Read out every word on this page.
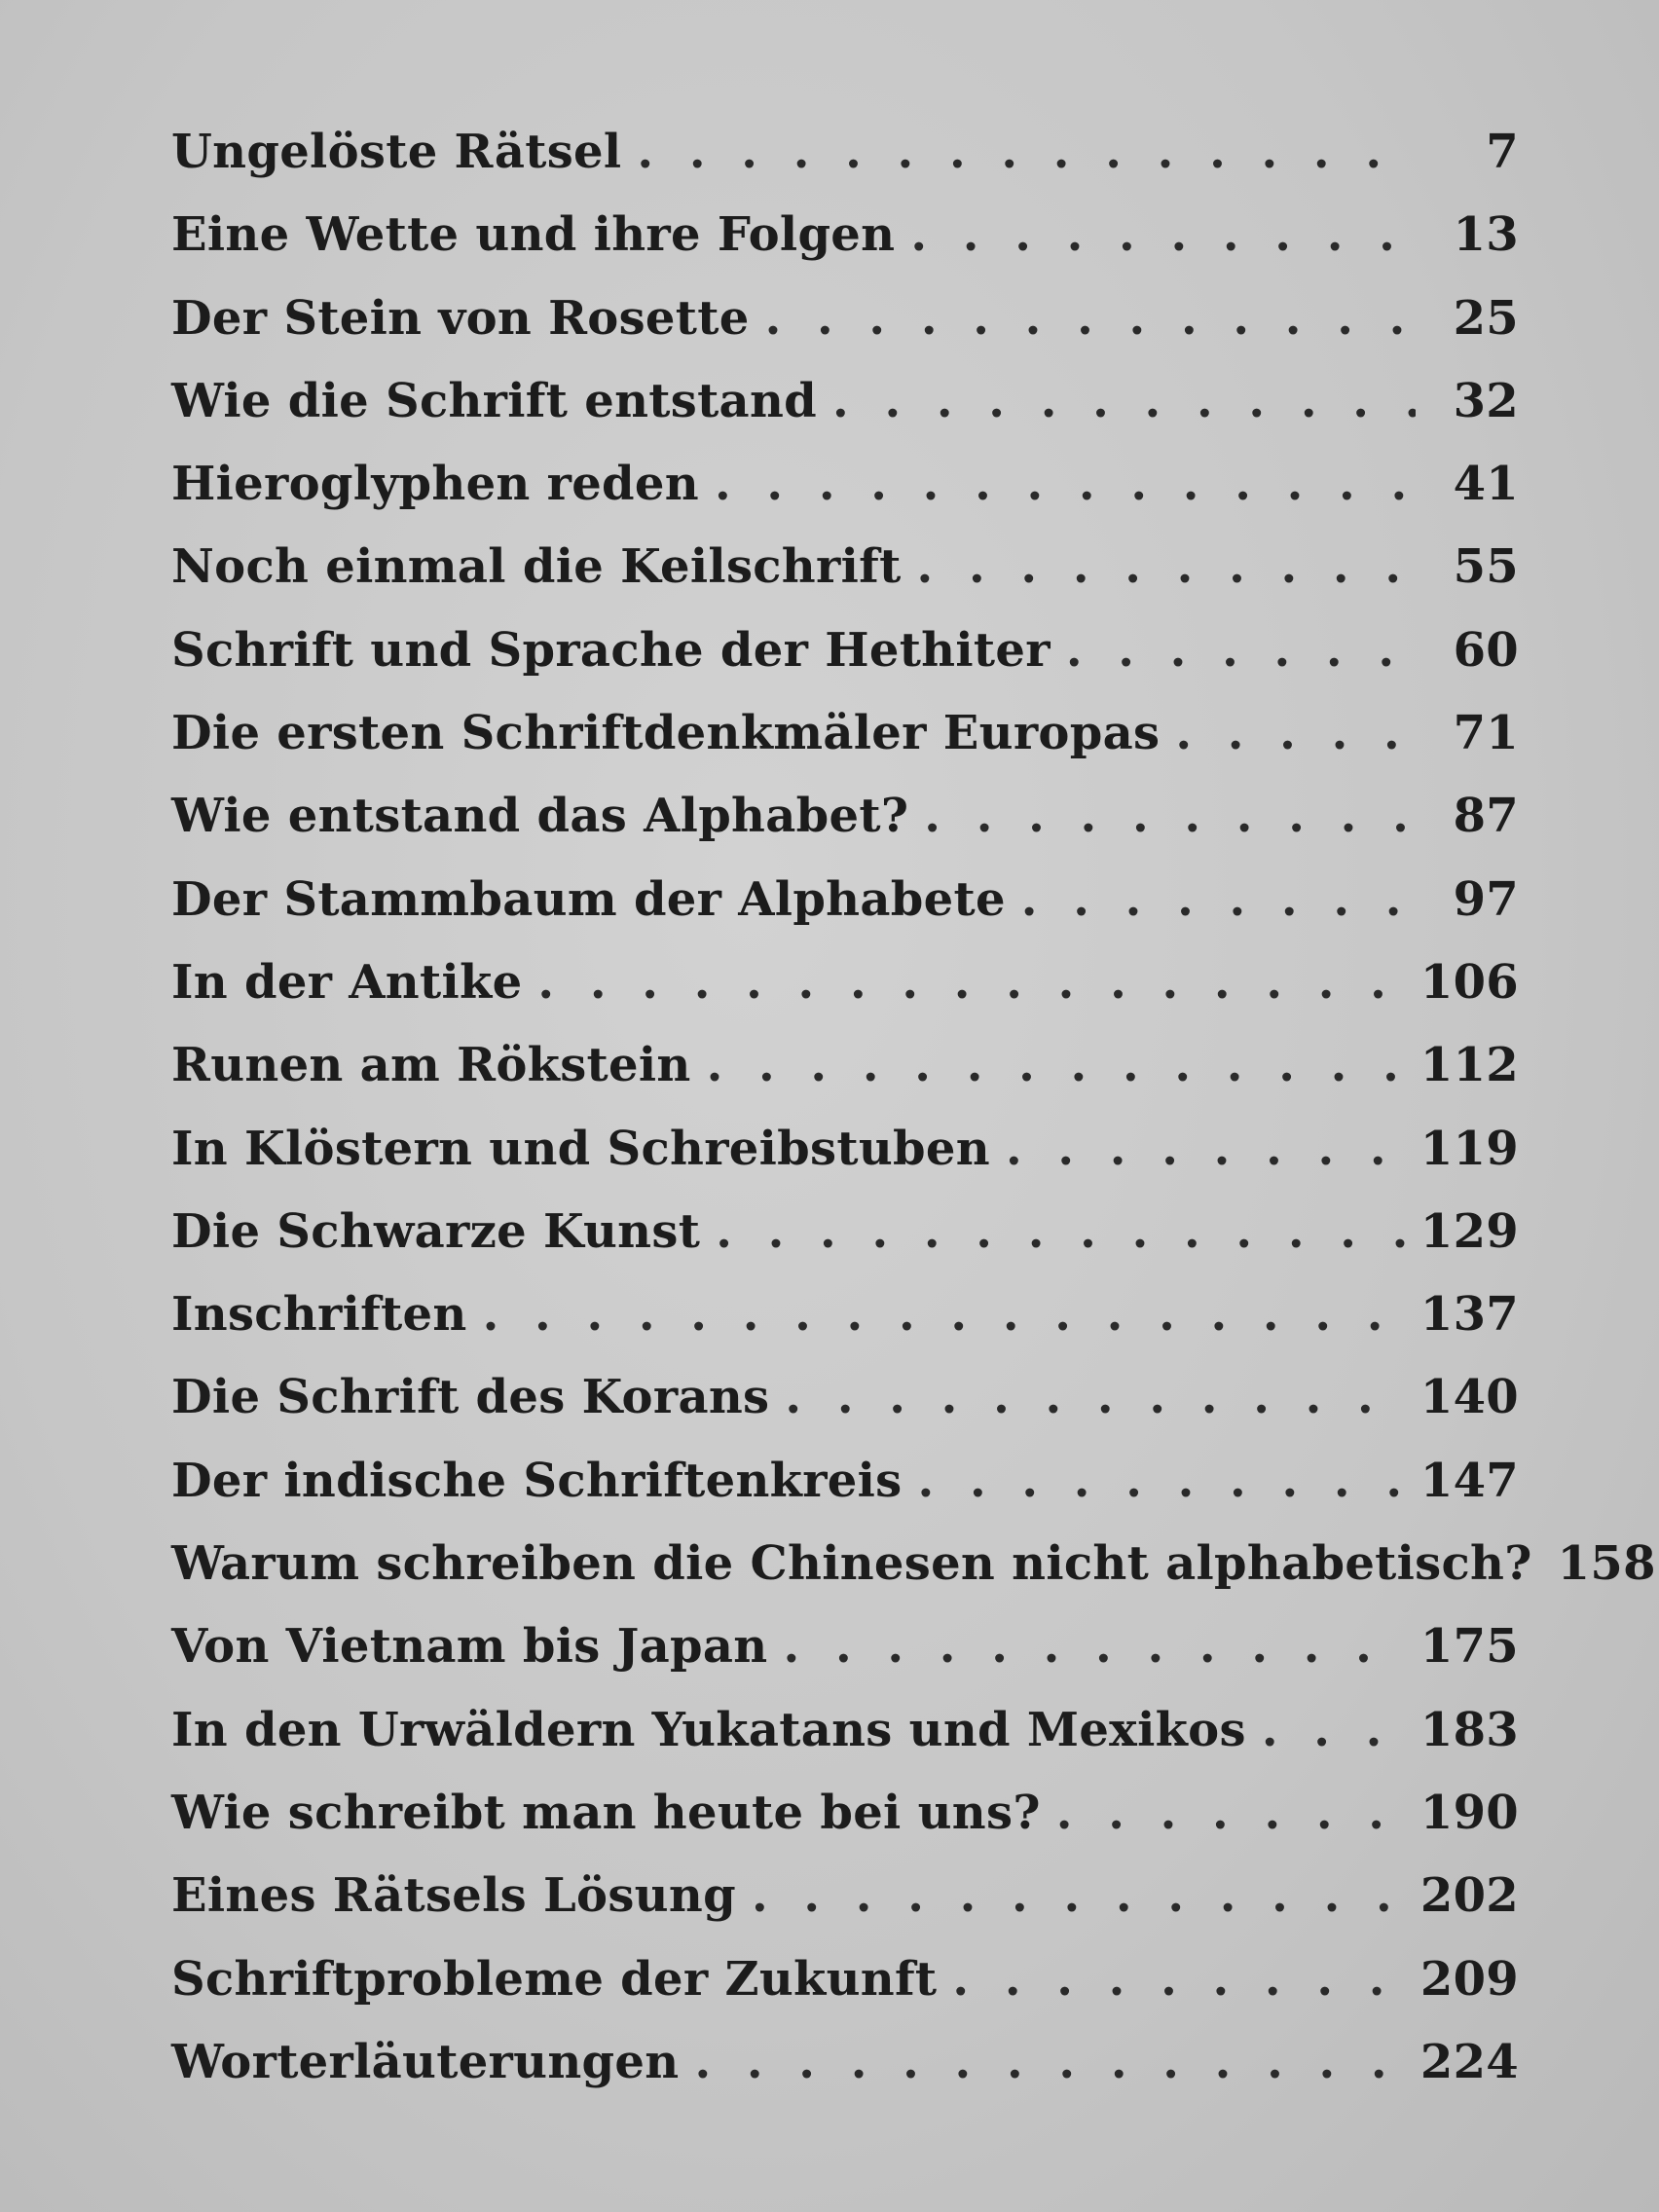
Ungelöste Rätsel . . .	7
Eine Wette und ihre Folgen . . .	13
Der Stein von Rosette . . .	25
Wie die Schrift entstand . . .	32
Hieroglyphen reden . . .	41
Noch einmal die Keilschrift . . .	55
Schrift und Sprache der Hethiter . . .	60
Die ersten Schriftdenkmäler Europas . . .	71
Wie entstand das Alphabet? . . .	87
Der Stammbaum der Alphabete . . .	97
In der Antike . . .	106
Runen am Rökstein . . .	112
In Klöstern und Schreibstuben . . .	119
Die Schwarze Kunst . . .	129
Inschriften . . .	137
Die Schrift des Korans . . .	140
Der indische Schriftenkreis . . .	147
Warum schreiben die Chinesen nicht alphabetisch? 158
Von Vietnam bis Japan . . .	175
In den Urwäldern Yukatans und Mexikos . . .	183
Wie schreibt man heute bei uns? . . .	190
Eines Rätsels Lösung . . .	202
Schriftprobleme der Zukunft . . .	209
Worterläuterungen . . .	224
